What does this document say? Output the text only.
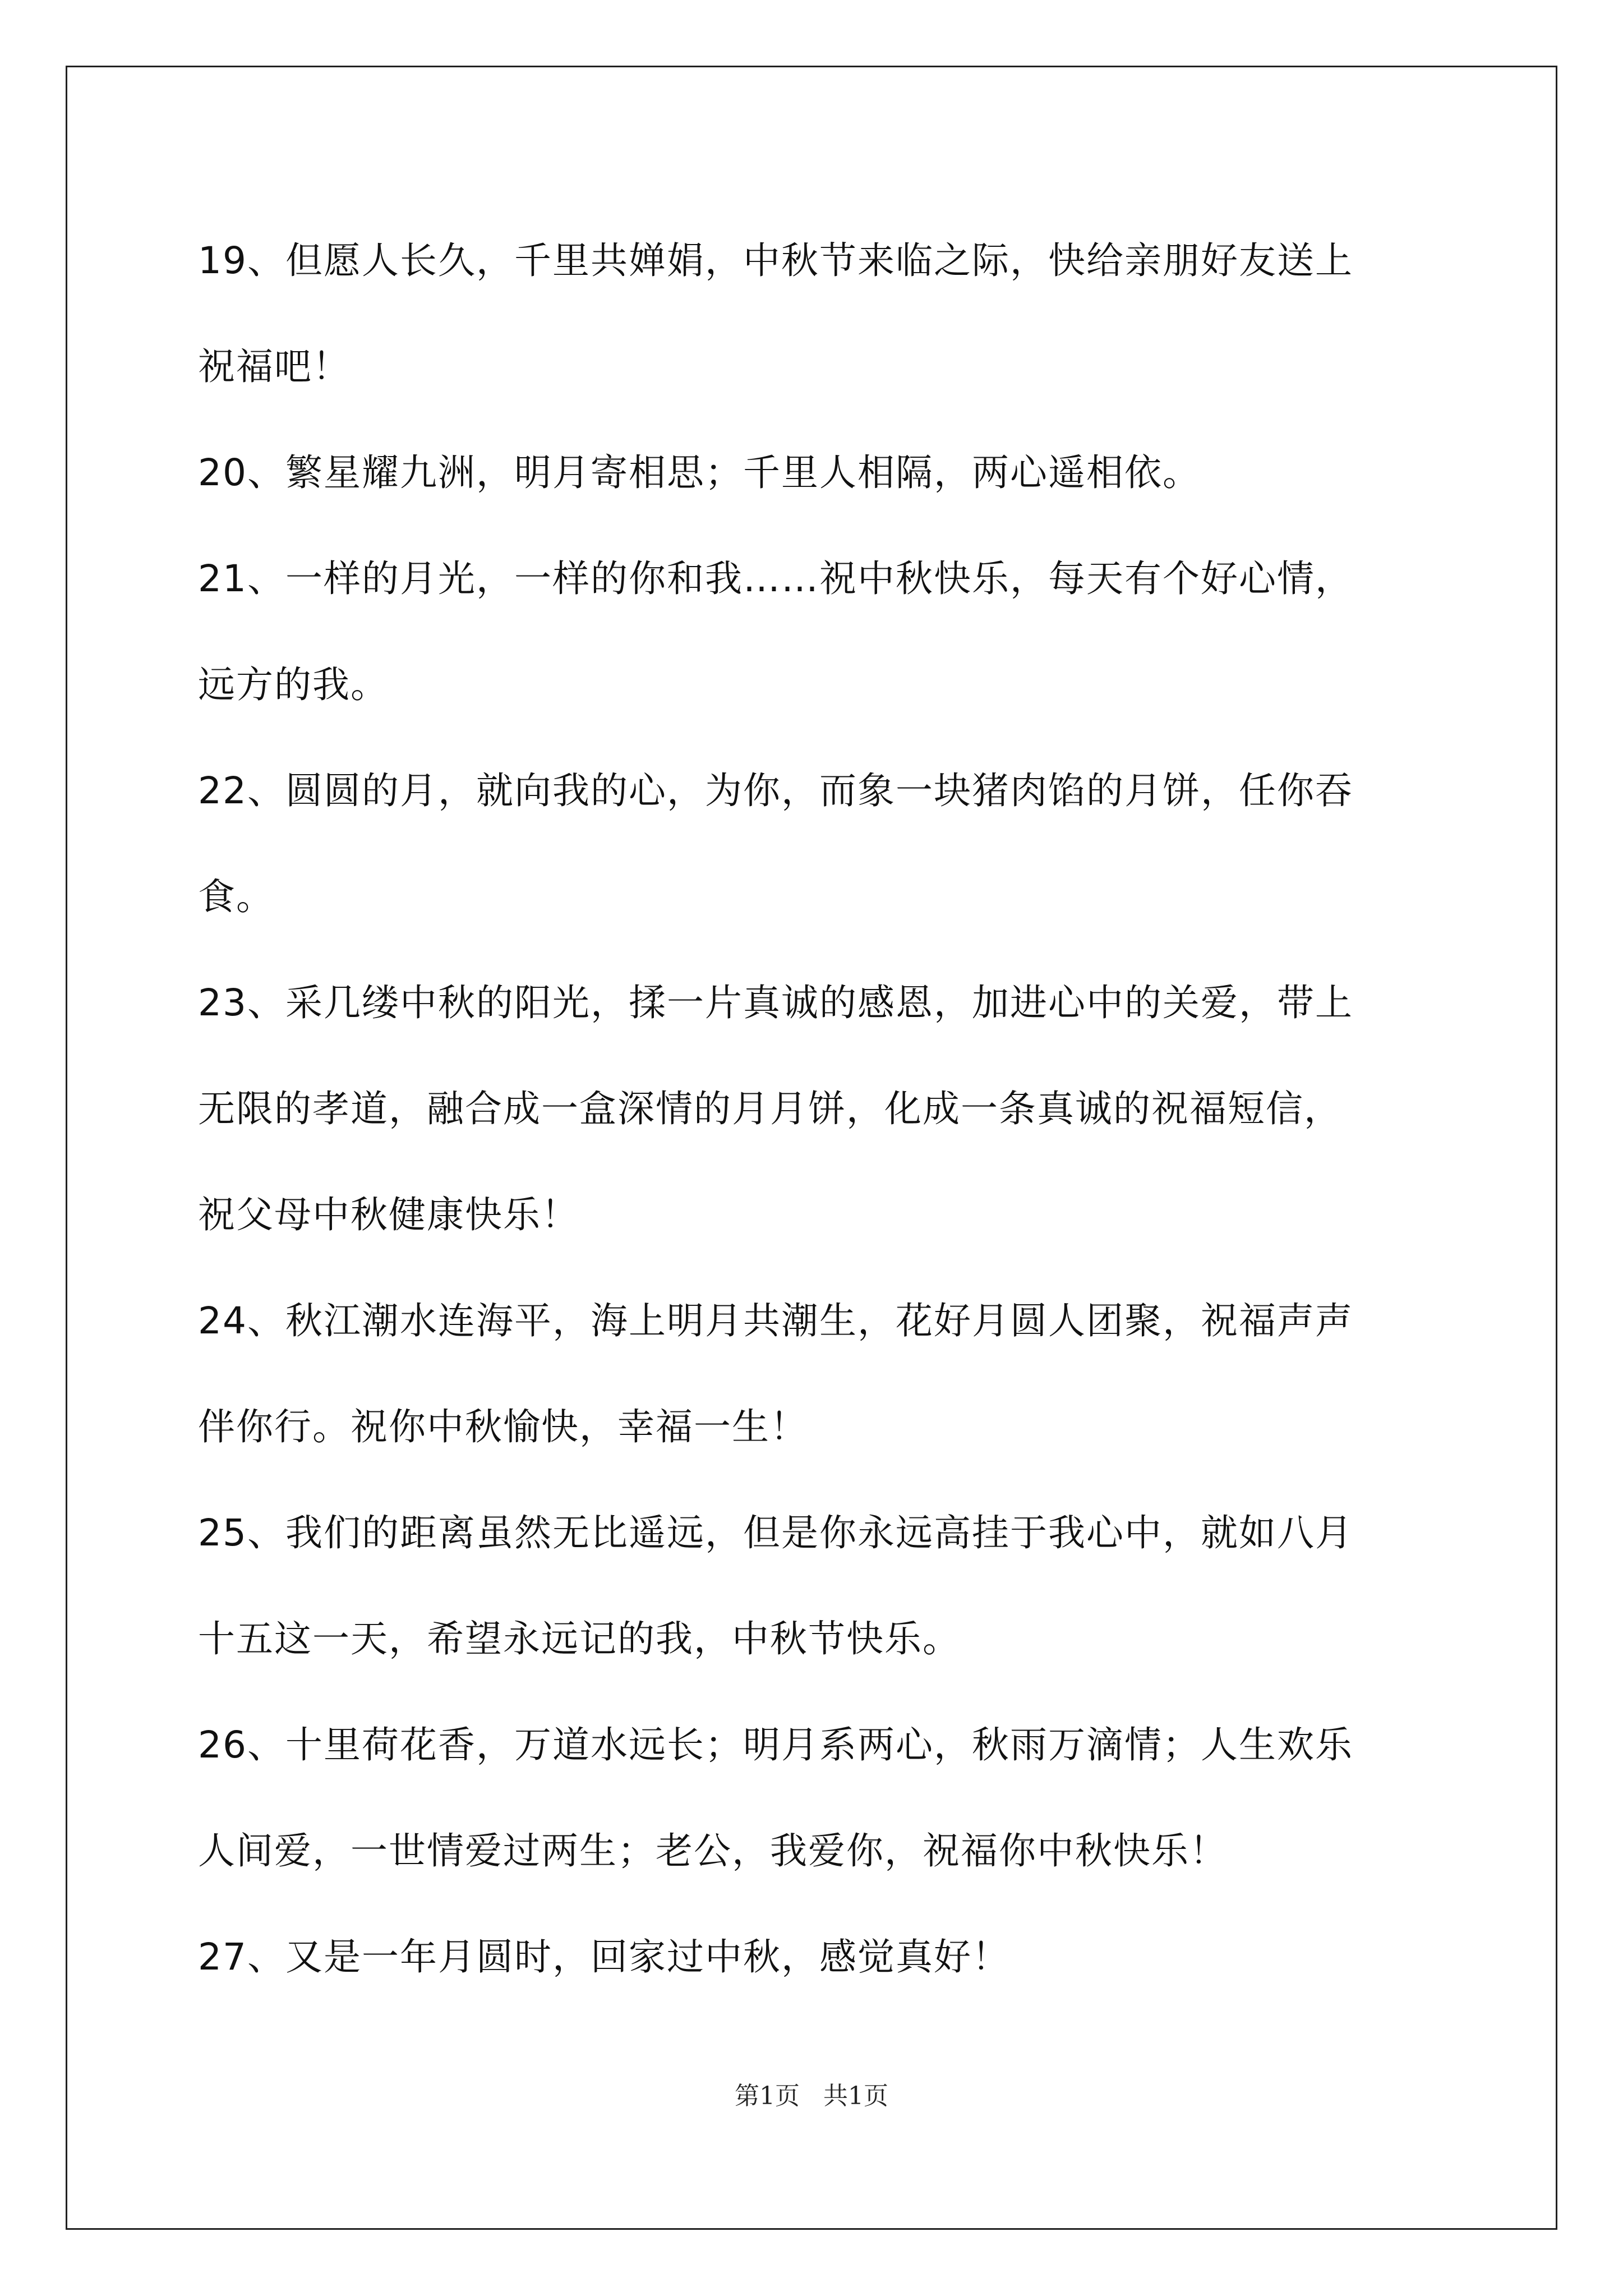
19、但愿人长久，千里共婵娟，中秋节来临之际，快给亲朋好友送上
祝福吧！
20、繁星耀九洲，明月寄相思；千里人相隔，两心遥相依。
21、一样的月光，一样的你和我……祝中秋快乐，每天有个好心情，
远方的我。
22、圆圆的月，就向我的心，为你，而象一块猪肉馅的月饼，任你吞
食。
23、采几缕中秋的阳光，揉一片真诚的感恩，加进心中的关爱，带上
无限的孝道，融合成一盒深情的月月饼，化成一条真诚的祝福短信，
祝父母中秋健康快乐！
24、秋江潮水连海平，海上明月共潮生，花好月圆人团聚，祝福声声
伴你行。祝你中秋愉快，幸福一生！
25、我们的距离虽然无比遥远，但是你永远高挂于我心中，就如八月
十五这一天，希望永远记的我，中秋节快乐。
26、十里荷花香，万道水远长；明月系两心，秋雨万滴情；人生欢乐
人间爱，一世情爱过两生；老公，我爱你，祝福你中秋快乐！
27、又是一年月圆时，回家过中秋，感觉真好！
第1页 共1页
